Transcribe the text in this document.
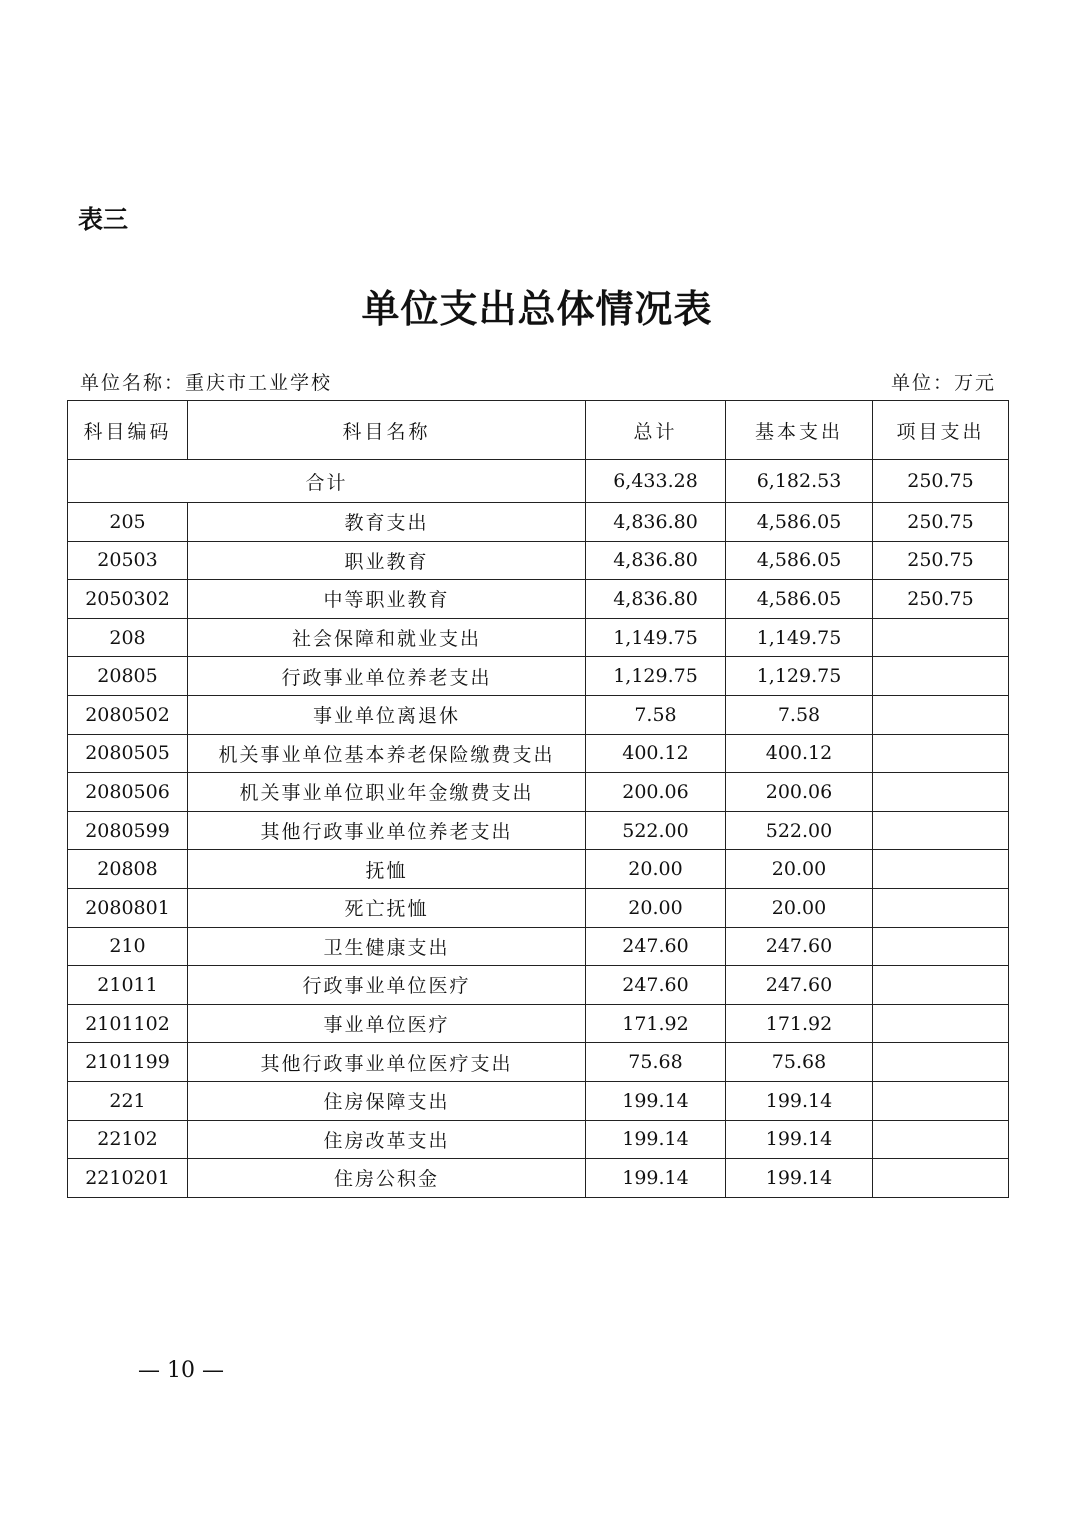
表三
单位支出总体情况表
单位名称：重庆市工业学校	单位：万元
科目编码	科目名称	总计	基本支出	项目支出
合计		6,433.28	6,182.53	250.75
205	教育支出	4,836.80	4,586.05	250.75
20503	职业教育	4,836.80	4,586.05	250.75
2050302	中等职业教育	4,836.80	4,586.05	250.75
208	社会保障和就业支出	1,149.75	1,149.75	
20805	行政事业单位养老支出	1,129.75	1,129.75	
2080502	事业单位离退休	7.58	7.58	
2080505	机关事业单位基本养老保险缴费支出	400.12	400.12	
2080506	机关事业单位职业年金缴费支出	200.06	200.06	
2080599	其他行政事业单位养老支出	522.00	522.00	
20808	抚恤	20.00	20.00	
2080801	死亡抚恤	20.00	20.00	
210	卫生健康支出	247.60	247.60	
21011	行政事业单位医疗	247.60	247.60	
2101102	事业单位医疗	171.92	171.92	
2101199	其他行政事业单位医疗支出	75.68	75.68	
221	住房保障支出	199.14	199.14	
22102	住房改革支出	199.14	199.14	
2210201	住房公积金	199.14	199.14	
— 10 —
